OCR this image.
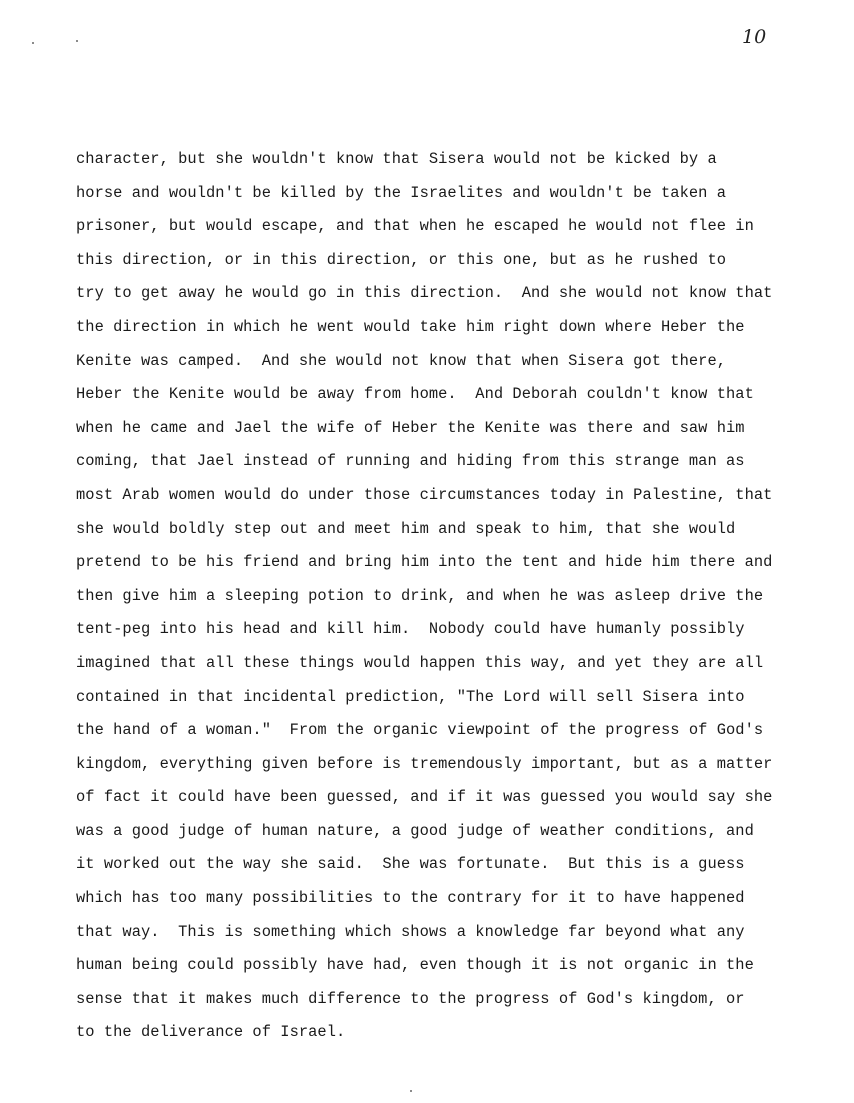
10
character, but she wouldn't know that Sisera would not be kicked by a
horse and wouldn't be killed by the Israelites and wouldn't be taken a
prisoner, but would escape, and that when he escaped he would not flee in
this direction, or in this direction, or this one, but as he rushed to
try to get away he would go in this direction.  And she would not know that
the direction in which he went would take him right down where Heber the
Kenite was camped.  And she would not know that when Sisera got there,
Heber the Kenite would be away from home.  And Deborah couldn't know that
when he came and Jael the wife of Heber the Kenite was there and saw him
coming, that Jael instead of running and hiding from this strange man as
most Arab women would do under those circumstances today in Palestine, that
she would boldly step out and meet him and speak to him, that she would
pretend to be his friend and bring him into the tent and hide him there and
then give him a sleeping potion to drink, and when he was asleep drive the
tent-peg into his head and kill him.  Nobody could have humanly possibly
imagined that all these things would happen this way, and yet they are all
contained in that incidental prediction, "The Lord will sell Sisera into
the hand of a woman."  From the organic viewpoint of the progress of God's
kingdom, everything given before is tremendously important, but as a matter
of fact it could have been guessed, and if it was guessed you would say she
was a good judge of human nature, a good judge of weather conditions, and
it worked out the way she said.  She was fortunate.  But this is a guess
which has too many possibilities to the contrary for it to have happened
that way.  This is something which shows a knowledge far beyond what any
human being could possibly have had, even though it is not organic in the
sense that it makes much difference to the progress of God's kingdom, or
to the deliverance of Israel.
